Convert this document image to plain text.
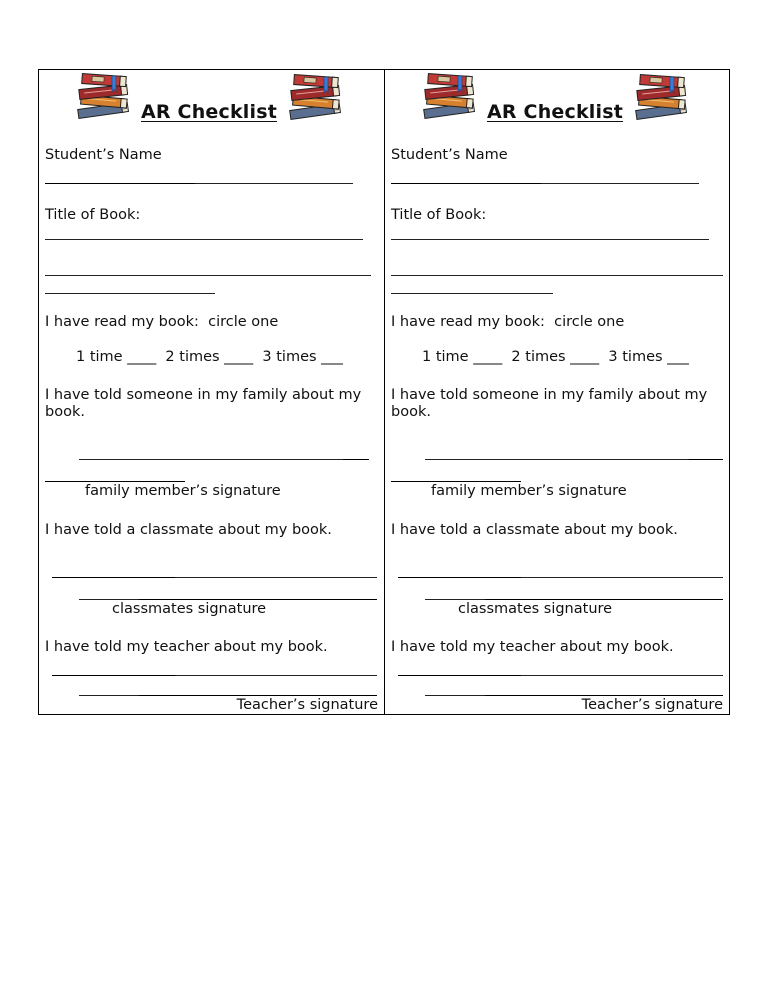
AR Checklist
Student’s Name
Title of Book:
I have read my book:  circle one
1 time ____  2 times ____  3 times ___
I have told someone in my family about my book.
family member’s signature
I have told a classmate about my book.
classmates signature
I have told my teacher about my book.
Teacher’s signature
AR Checklist
Student’s Name
Title of Book:
I have read my book:  circle one
1 time ____  2 times ____  3 times ___
I have told someone in my family about my book.
family member’s signature
I have told a classmate about my book.
classmates signature
I have told my teacher about my book.
Teacher’s signature
